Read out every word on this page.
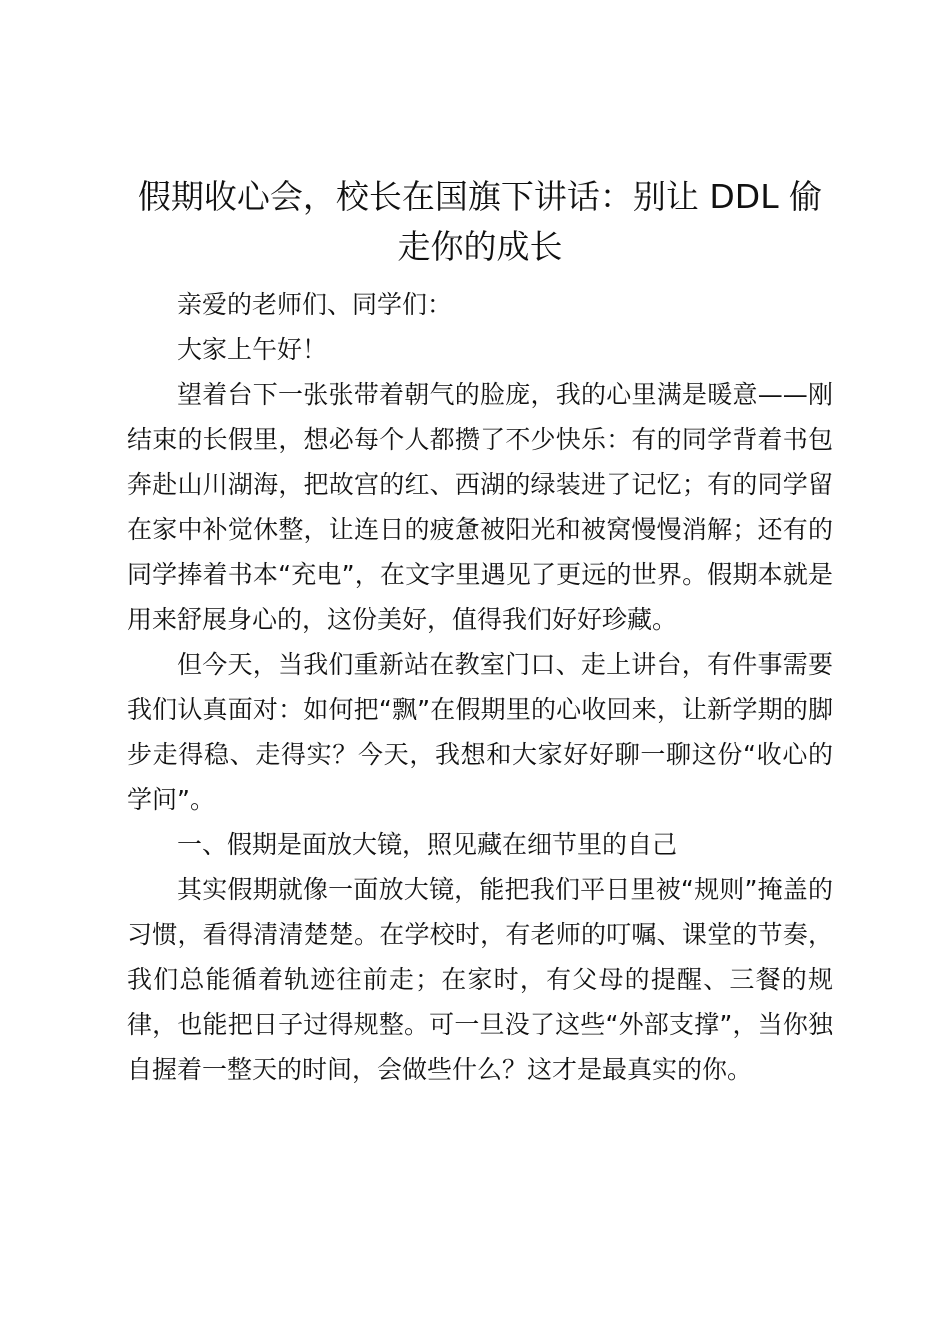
假期收心会，校长在国旗下讲话：别让 DDL 偷走你的成长

亲爱的老师们、同学们：

大家上午好！

望着台下一张张带着朝气的脸庞，我的心里满是暖意——刚结束的长假里，想必每个人都攒了不少快乐：有的同学背着书包奔赴山川湖海，把故宫的红、西湖的绿装进了记忆；有的同学留在家中补觉休整，让连日的疲惫被阳光和被窝慢慢消解；还有的同学捧着书本“充电”，在文字里遇见了更远的世界。假期本就是用来舒展身心的，这份美好，值得我们好好珍藏。

但今天，当我们重新站在教室门口、走上讲台，有件事需要我们认真面对：如何把“飘”在假期里的心收回来，让新学期的脚步走得稳、走得实？今天，我想和大家好好聊一聊这份“收心的学问”。

一、假期是面放大镜，照见藏在细节里的自己

其实假期就像一面放大镜，能把我们平日里被“规则”掩盖的习惯，看得清清楚楚。在学校时，有老师的叮嘱、课堂的节奏，我们总能循着轨迹往前走；在家时，有父母的提醒、三餐的规律，也能把日子过得规整。可一旦没了这些“外部支撑”，当你独自握着一整天的时间，会做些什么？这才是最真实的你。
